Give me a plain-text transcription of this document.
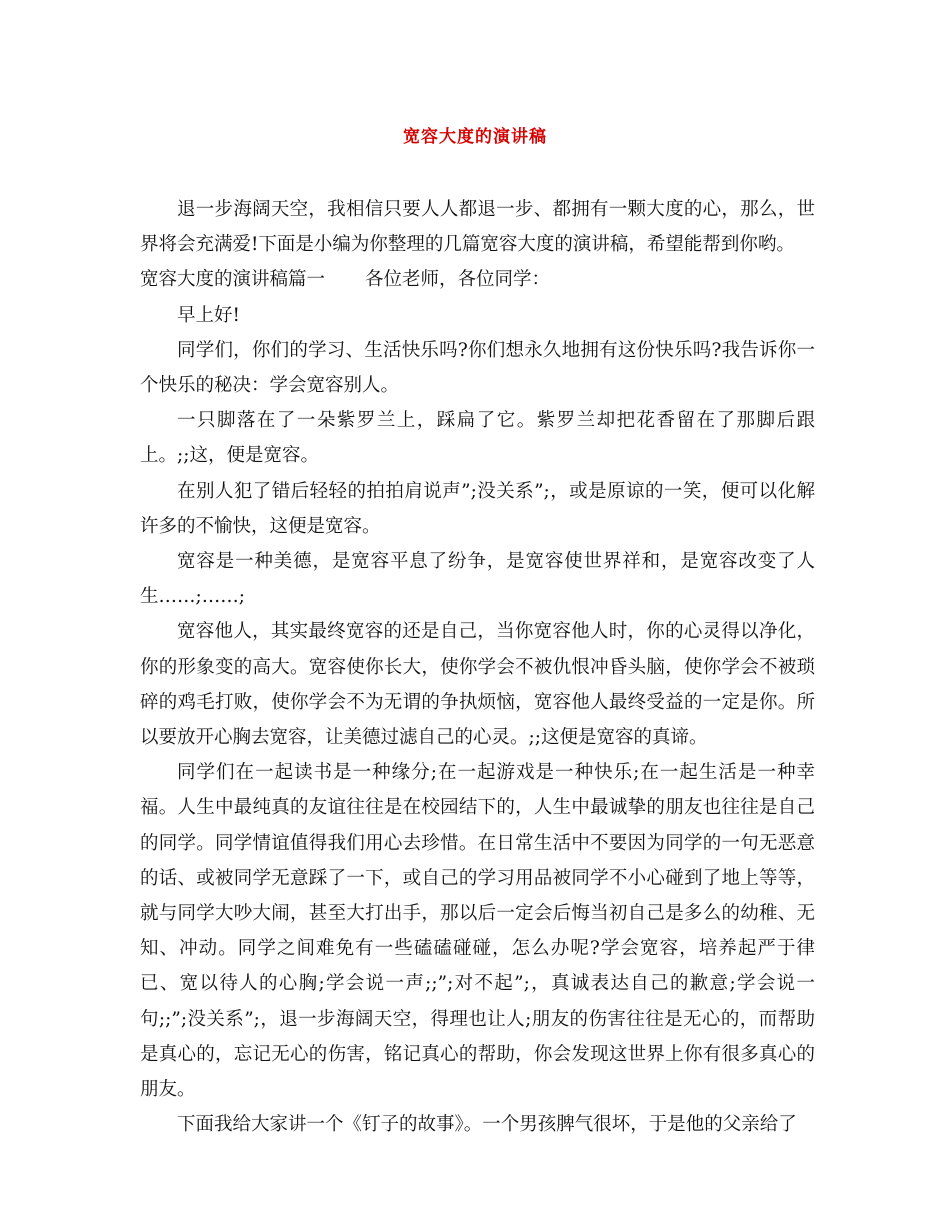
宽容大度的演讲稿

退一步海阔天空，我相信只要人人都退一步、都拥有一颗大度的心，那么，世界将会充满爱!下面是小编为你整理的几篇宽容大度的演讲稿，希望能帮到你哟。

宽容大度的演讲稿篇一 各位老师，各位同学：

早上好!

同学们，你们的学习、生活快乐吗?你们想永久地拥有这份快乐吗?我告诉你一个快乐的秘决：学会宽容别人。

一只脚落在了一朵紫罗兰上，踩扁了它。紫罗兰却把花香留在了那脚后跟上。;;这，便是宽容。

在别人犯了错后轻轻的拍拍肩说声”;没关系”;，或是原谅的一笑，便可以化解许多的不愉快，这便是宽容。

宽容是一种美德，是宽容平息了纷争，是宽容使世界祥和，是宽容改变了人生……;……;

宽容他人，其实最终宽容的还是自己，当你宽容他人时，你的心灵得以净化，你的形象变的高大。宽容使你长大，使你学会不被仇恨冲昏头脑，使你学会不被琐碎的鸡毛打败，使你学会不为无谓的争执烦恼，宽容他人最终受益的一定是你。所以要放开心胸去宽容，让美德过滤自己的心灵。;;这便是宽容的真谛。

同学们在一起读书是一种缘分;在一起游戏是一种快乐;在一起生活是一种幸福。人生中最纯真的友谊往往是在校园结下的，人生中最诚挚的朋友也往往是自己的同学。同学情谊值得我们用心去珍惜。在日常生活中不要因为同学的一句无恶意的话、或被同学无意踩了一下，或自己的学习用品被同学不小心碰到了地上等等，就与同学大吵大闹，甚至大打出手，那以后一定会后悔当初自己是多么的幼稚、无知、冲动。同学之间难免有一些磕磕碰碰，怎么办呢?学会宽容，培养起严于律已、宽以待人的心胸;学会说一声;;”;对不起”;，真诚表达自己的歉意;学会说一句;;”;没关系”;，退一步海阔天空，得理也让人;朋友的伤害往往是无心的，而帮助是真心的，忘记无心的伤害，铭记真心的帮助，你会发现这世界上你有很多真心的朋友。

下面我给大家讲一个《钉子的故事》。一个男孩脾气很坏，于是他的父亲给了
